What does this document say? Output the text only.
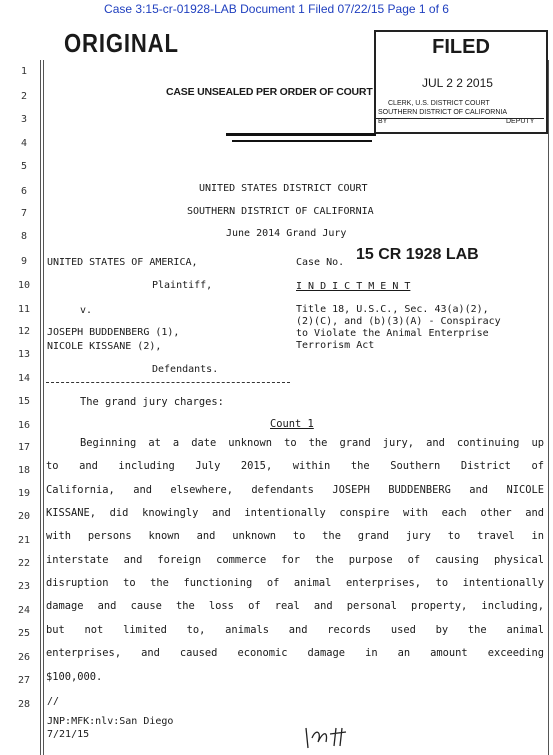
Case 3:15-cr-01928-LAB Document 1 Filed 07/22/15 Page 1 of 6
ORIGINAL
CASE UNSEALED PER ORDER OF COURT
FILED
JUL 2 2 2015
CLERK, U.S. DISTRICT COURT
SOUTHERN DISTRICT OF CALIFORNIA
BY	DEPUTY
1
2
3
4
5
6
7
8
9
10
11
12
13
14
15
16
17
18
19
20
21
22
23
24
25
26
27
28
UNITED STATES DISTRICT COURT
SOUTHERN DISTRICT OF CALIFORNIA
June 2014 Grand Jury
UNITED STATES OF AMERICA,
Plaintiff,
v.
JOSEPH BUDDENBERG (1),
NICOLE KISSANE (2),
Defendants.
Case No. 15 CR 1928 LAB
I N D I C T M E N T
Title 18, U.S.C., Sec. 43(a)(2),
(2)(C), and (b)(3)(A) - Conspiracy
to Violate the Animal Enterprise
Terrorism Act
The grand jury charges:
Count 1
Beginning at a date unknown to the grand jury, and continuing up
to and including July 2015, within the Southern District of
California, and elsewhere, defendants JOSEPH BUDDENBERG and NICOLE
KISSANE, did knowingly and intentionally conspire with each other and
with persons known and unknown to the grand jury to travel in
interstate and foreign commerce for the purpose of causing physical
disruption to the functioning of animal enterprises, to intentionally
damage and cause the loss of real and personal property, including,
but not limited to, animals and records used by the animal
enterprises, and caused economic damage in an amount exceeding
$100,000.
//
JNP:MFK:nlv:San Diego
7/21/15
